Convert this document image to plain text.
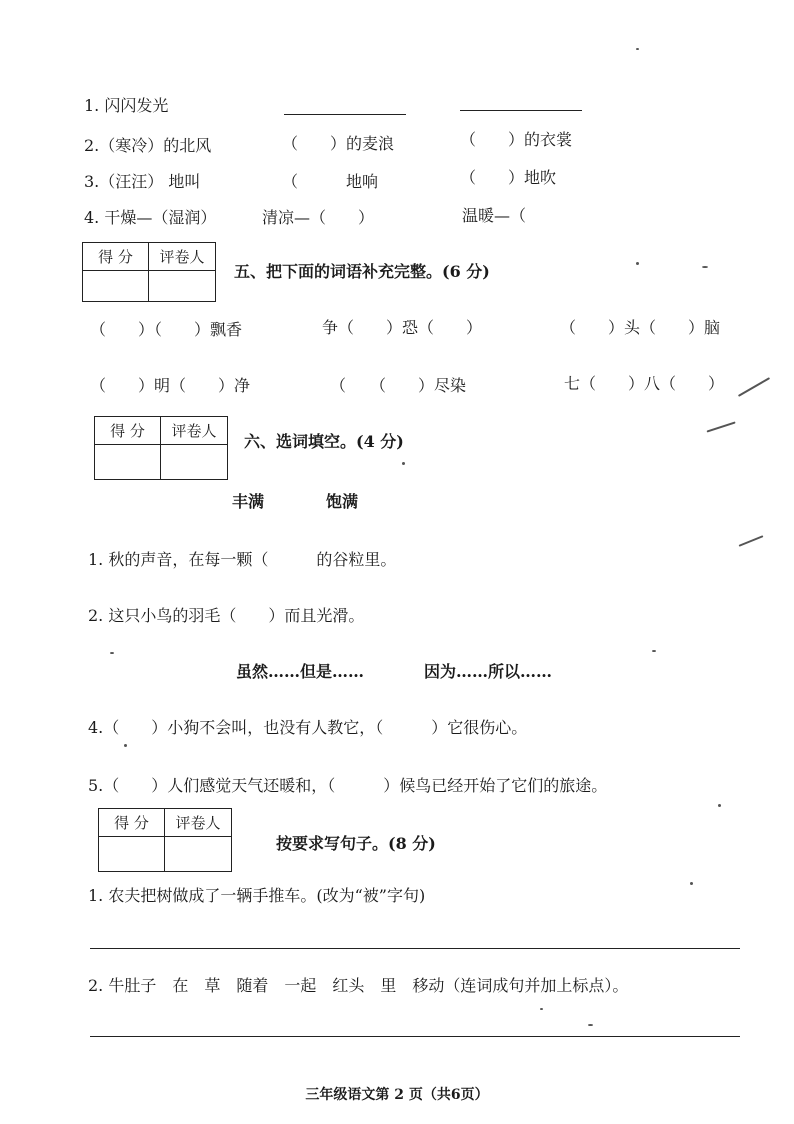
1. 闪闪发光
2.（寒冷）的北风	（　　）的麦浪	（　　）的衣裳
3.（汪汪） 地叫	（　　　地响	（　　）地吹
4. 干燥—（湿润）	清凉—（　　）	温暖—（
得 分	评卷人
五、把下面的词语补充完整。(6 分)
（　　）（　　）飘香	争（　　）恐（　　）	（　　）头（　　）脑
（　　）明（　　）净	（　　（　　）尽染	七（　　）八（　　）
得 分	评卷人
六、选词填空。(4 分)
丰满	饱满
1. 秋的声音，在每一颗（　　　的谷粒里。
2. 这只小鸟的羽毛（　　）而且光滑。
虽然……但是……	因为……所以……
4.（　　）小狗不会叫，也没有人教它，（　　　）它很伤心。
5.（　　）人们感觉天气还暖和，（　　　）候鸟已经开始了它们的旅途。
得 分	评卷人
按要求写句子。(8 分)
1. 农夫把树做成了一辆手推车。(改为“被”字句)
2. 牛肚子　在　草　随着　一起　红头　里　移动（连词成句并加上标点）。
三年级语文第 2 页（共6页）
